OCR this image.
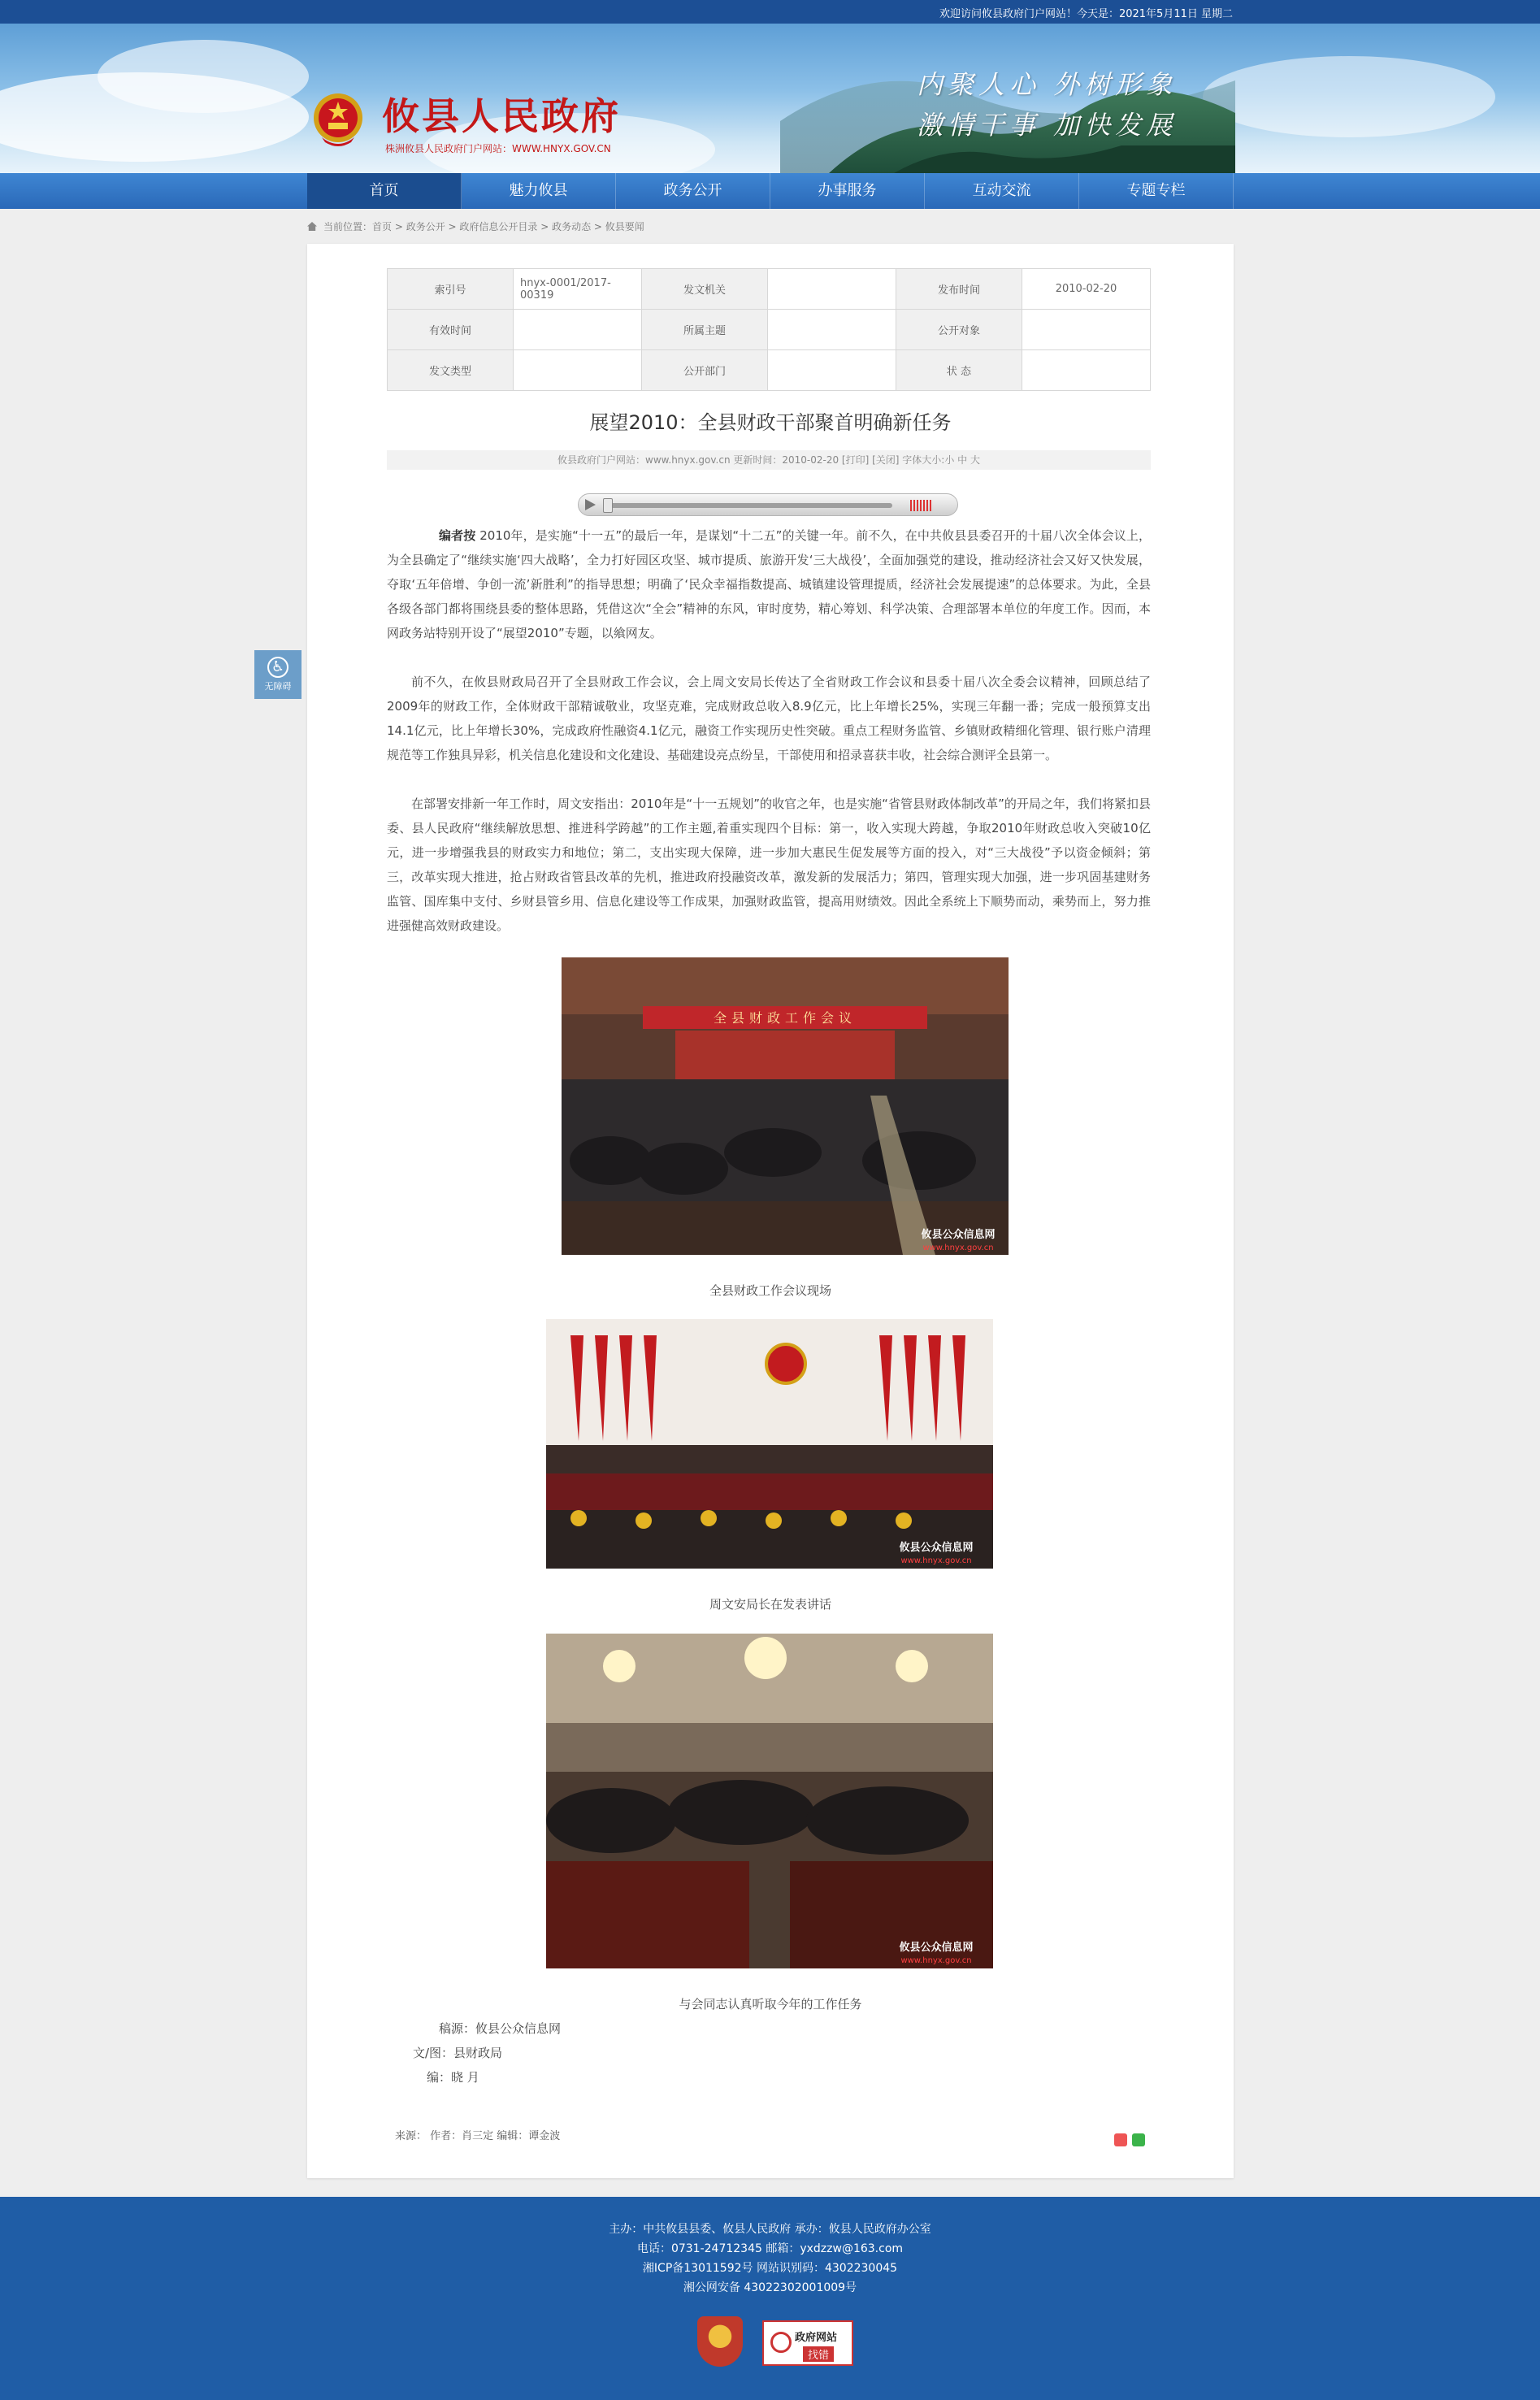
欢迎访问攸县政府门户网站！今天是：2021年5月11日 星期二
攸县人民政府
株洲攸县人民政府门户网站：WWW.HNYX.GOV.CN
内聚人心 外树形象
激情干事 加快发展
首页	魅力攸县	政务公开	办事服务	互动交流	专题专栏
当前位置：首页 > 政务公开 > 政府信息公开目录 > 政务动态 > 攸县要闻
♿
无障碍
索引号	hnyx-0001/2017-00319	发文机关		发布时间	2010-02-20
有效时间		所属主题		公开对象	
发文类型		公开部门		状 态	
展望2010：全县财政干部聚首明确新任务
攸县政府门户网站：www.hnyx.gov.cn 更新时间：2010-02-20 [打印] [关闭] 字体大小:小 中 大
编者按 2010年，是实施“十一五”的最后一年，是谋划“十二五”的关键一年。前不久，在中共攸县县委召开的十届八次全体会议上，为全县确定了“继续实施‘四大战略’，全力打好园区攻坚、城市提质、旅游开发‘三大战役’，全面加强党的建设，推动经济社会又好又快发展，夺取‘五年倍增、争创一流’新胜利”的指导思想；明确了‘民众幸福指数提高、城镇建设管理提质，经济社会发展提速”的总体要求。为此，全县各级各部门都将围绕县委的整体思路，凭借这次“全会”精神的东风，审时度势，精心筹划、科学决策、合理部署本单位的年度工作。因而，本网政务站特别开设了“展望2010”专题，以飨网友。
前不久，在攸县财政局召开了全县财政工作会议，会上周文安局长传达了全省财政工作会议和县委十届八次全委会议精神，回顾总结了2009年的财政工作，全体财政干部精诚敬业，攻坚克难，完成财政总收入8.9亿元，比上年增长25%，实现三年翻一番；完成一般预算支出14.1亿元，比上年增长30%，完成政府性融资4.1亿元，融资工作实现历史性突破。重点工程财务监管、乡镇财政精细化管理、银行账户清理规范等工作独具异彩，机关信息化建设和文化建设、基础建设亮点纷呈，干部使用和招录喜获丰收，社会综合测评全县第一。
在部署安排新一年工作时，周文安指出：2010年是“十一五规划”的收官之年，也是实施“省管县财政体制改革”的开局之年，我们将紧扣县委、县人民政府“继续解放思想、推进科学跨越”的工作主题,着重实现四个目标：第一，收入实现大跨越，争取2010年财政总收入突破10亿元，进一步增强我县的财政实力和地位；第二，支出实现大保障，进一步加大惠民生促发展等方面的投入，对“三大战役”予以资金倾斜；第三，改革实现大推进，抢占财政省管县改革的先机，推进政府投融资改革，激发新的发展活力；第四，管理实现大加强，进一步巩固基建财务监管、国库集中支付、乡财县管乡用、信息化建设等工作成果，加强财政监管，提高用财绩效。因此全系统上下顺势而动，乘势而上，努力推进强健高效财政建设。
全县财政工作会议
攸县公众信息网
www.hnyx.gov.cn
全县财政工作会议现场
攸县公众信息网
www.hnyx.gov.cn
周文安局长在发表讲话
攸县公众信息网
www.hnyx.gov.cn
与会同志认真听取今年的工作任务
稿源：攸县公众信息网
文/图：县财政局
编：晓 月
来源： 作者：肖三定 编辑：谭金波

主办：中共攸县县委、攸县人民政府 承办：攸县人民政府办公室

电话：0731-24712345 邮箱：yxdzzw@163.com

湘ICP备13011592号 网站识别码：4302230045

湘公网安备 43022302001009号

政府网站
找错
